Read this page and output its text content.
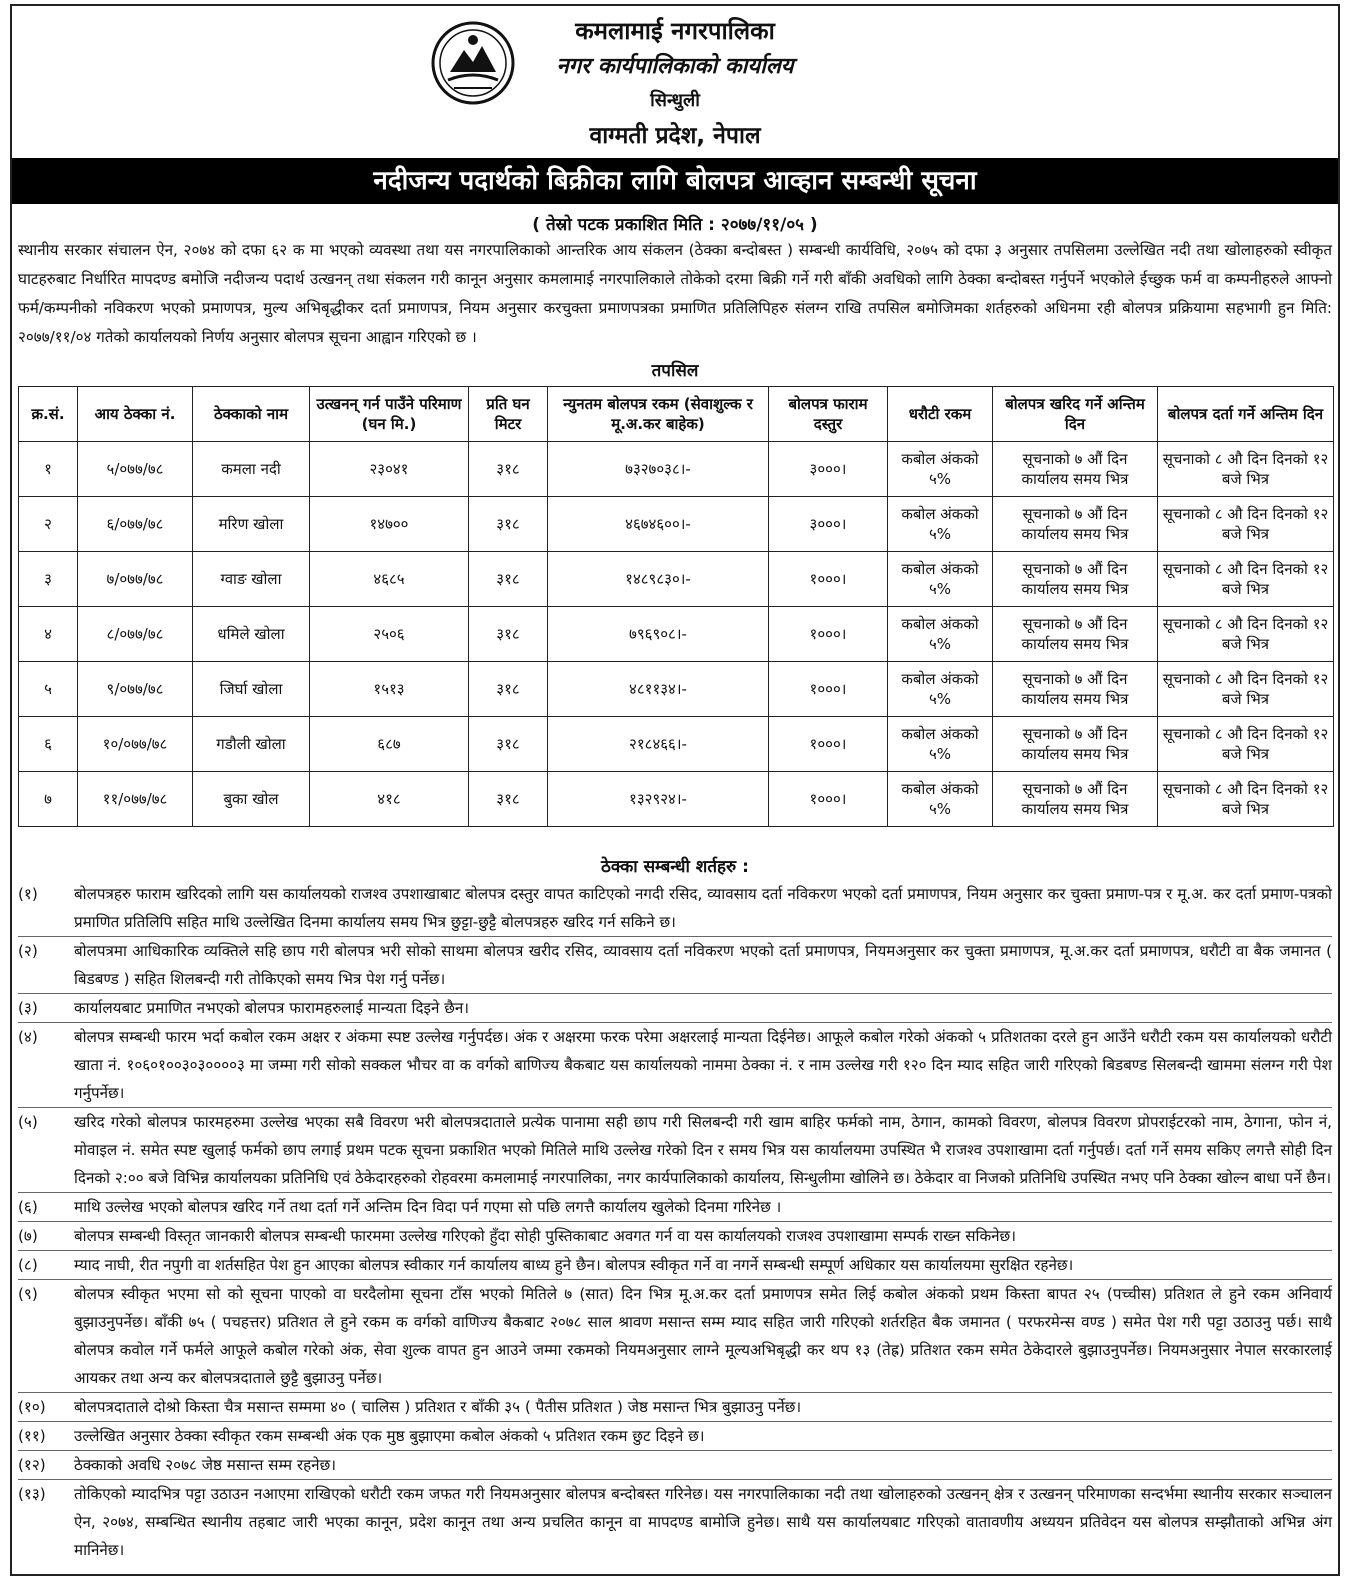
कमलामाई नगरपालिका
नगर कार्यपालिकाको कार्यालय
सिन्धुली
वाग्मती प्रदेश, नेपाल
नदीजन्य पदार्थको बिक्रीका लागि बोलपत्र आव्हान सम्बन्धी सूचना
( तेस्रो पटक प्रकाशित मिति : २०७७/११/०५ )
स्थानीय सरकार संचालन ऐन, २०७४ को दफा ६२ क मा भएको व्यवस्था तथा यस नगरपालिकाको आन्तरिक आय संकलन (ठेक्का बन्दोबस्त ) सम्बन्धी कार्यविधि, २०७५ को दफा ३ अनुसार तपसिलमा उल्लेखित नदी तथा खोलाहरुको स्वीकृत घाटहरुबाट निर्धारित मापदण्ड बमोजि नदीजन्य पदार्थ उत्खनन् तथा संकलन गरी कानून अनुसार कमलामाई नगरपालिकाले तोकेको दरमा बिक्री गर्ने गरी बाँकी अवधिको लागि ठेक्का बन्दोबस्त गर्नुपर्ने भएकोले ईच्छुक फर्म वा कम्पनीहरुले आफ्नो फर्म/कम्पनीको नविकरण भएको प्रमाणपत्र, मुल्य अभिबृद्धीकर दर्ता प्रमाणपत्र, नियम अनुसार करचुक्ता प्रमाणपत्रका प्रमाणित प्रतिलिपिहरु संलग्न राखि तपसिल बमोजिमका शर्तहरुको अधिनमा रही बोलपत्र प्रक्रियामा सहभागी हुन मिति: २०७७/११/०४ गतेको कार्यालयको निर्णय अनुसार बोलपत्र सूचना आह्वान गरिएको छ ।
तपसिल
क्र.सं.	आय ठेक्का नं.	ठेक्काको नाम	उत्खनन् गर्न पाउँने परिमाण (घन मि.)	प्रति घन मिटर	न्युनतम बोलपत्र रकम (सेवाशुल्क र मू.अ.कर बाहेक)	बोलपत्र फाराम दस्तुर	धरौटी रकम	बोलपत्र खरिद गर्ने अन्तिम दिन	बोलपत्र दर्ता गर्ने अन्तिम दिन
१	५/०७७/७८	कमला नदी	२३०४१	३१८	७३२७०३८।-	३०००।	कबोल अंकको ५%	सूचनाको ७ औं दिन कार्यालय समय भित्र	सूचनाको ८ औ दिन दिनको १२ बजे भित्र
२	६/०७७/७८	मरिण खोला	१४७००	३१८	४६७४६००।-	३०००।	कबोल अंकको ५%	सूचनाको ७ औं दिन कार्यालय समय भित्र	सूचनाको ८ औ दिन दिनको १२ बजे भित्र
३	७/०७७/७८	ग्वाङ खोला	४६८५	३१८	१४८९८३०।-	१०००।	कबोल अंकको ५%	सूचनाको ७ औं दिन कार्यालय समय भित्र	सूचनाको ८ औ दिन दिनको १२ बजे भित्र
४	८/०७७/७८	धमिले खोला	२५०६	३१८	७९६९०८।-	१०००।	कबोल अंकको ५%	सूचनाको ७ औं दिन कार्यालय समय भित्र	सूचनाको ८ औ दिन दिनको १२ बजे भित्र
५	९/०७७/७८	जिर्घा खोला	१५१३	३१८	४८११३४।-	१०००।	कबोल अंकको ५%	सूचनाको ७ औं दिन कार्यालय समय भित्र	सूचनाको ८ औ दिन दिनको १२ बजे भित्र
६	१०/०७७/७८	गडौली खोला	६८७	३१८	२१८४६६।-	१०००।	कबोल अंकको ५%	सूचनाको ७ औं दिन कार्यालय समय भित्र	सूचनाको ८ औ दिन दिनको १२ बजे भित्र
७	११/०७७/७८	बुका खोल	४१८	३१८	१३२९२४।-	१०००।	कबोल अंकको ५%	सूचनाको ७ औं दिन कार्यालय समय भित्र	सूचनाको ८ औ दिन दिनको १२ बजे भित्र
ठेक्का सम्बन्धी शर्तहरु :
(१)	बोलपत्रहरु फाराम खरिदको लागि यस कार्यालयको राजश्व उपशाखाबाट बोलपत्र दस्तुर वापत काटिएको नगदी रसिद, व्यावसाय दर्ता नविकरण भएको दर्ता प्रमाणपत्र, नियम अनुसार कर चुक्ता प्रमाण-पत्र र मू.अ. कर दर्ता प्रमाण-पत्रको प्रमाणित प्रतिलिपि सहित माथि उल्लेखित दिनमा कार्यालय समय भित्र छुट्टा-छुट्टै बोलपत्रहरु खरिद गर्न सकिने छ।
(२)	बोलपत्रमा आधिकारिक व्यक्तिले सहि छाप गरी बोलपत्र भरी सोको साथमा बोलपत्र खरीद रसिद, व्यावसाय दर्ता नविकरण भएको दर्ता प्रमाणपत्र, नियमअनुसार कर चुक्ता प्रमाणपत्र, मू.अ.कर दर्ता प्रमाणपत्र, धरौटी वा बैक जमानत ( बिडबण्ड ) सहित शिलबन्दी गरी तोकिएको समय भित्र पेश गर्नु पर्नेछ।
(३)	कार्यालयबाट प्रमाणित नभएको बोलपत्र फारामहरुलाई मान्यता दिइने छैन।
(४)	बोलपत्र सम्बन्धी फारम भर्दा कबोल रकम अक्षर र अंकमा स्पष्ट उल्लेख गर्नुपर्दछ। अंक र अक्षरमा फरक परेमा अक्षरलाई मान्यता दिईनेछ। आफूले कबोल गरेको अंकको ५ प्रतिशतका दरले हुन आउँने धरौटी रकम यस कार्यालयको धरौटी खाता नं. १०६०१००३०३००००३ मा जम्मा गरी सोको सक्कल भौचर वा क वर्गको बाणिज्य बैकबाट यस कार्यालयको नाममा ठेक्का नं. र नाम उल्लेख गरी १२० दिन म्याद सहित जारी गरिएको बिडबण्ड सिलबन्दी खाममा संलग्न गरी पेश गर्नुपर्नेछ।
(५)	खरिद गरेको बोलपत्र फारमहरुमा उल्लेख भएका सबै विवरण भरी बोलपत्रदाताले प्रत्येक पानामा सही छाप गरी सिलबन्दी गरी खाम बाहिर फर्मको नाम, ठेगान, कामको विवरण, बोलपत्र विवरण प्रोपराईटरको नाम, ठेगाना, फोन नं, मोवाइल नं. समेत स्पष्ट खुलाई फर्मको छाप लगाई प्रथम पटक सूचना प्रकाशित भएको मितिले माथि उल्लेख गरेको दिन र समय भित्र यस कार्यालयमा उपस्थित भै राजश्व उपशाखामा दर्ता गर्नुपर्छ। दर्ता गर्ने समय सकिए लगत्तै सोही दिन दिनको २:०० बजे विभिन्न कार्यालयका प्रतिनिधि एवं ठेकेदारहरुको रोहवरमा कमलामाई नगरपालिका, नगर कार्यपालिकाको कार्यालय, सिन्धुलीमा खोलिने छ। ठेकेदार वा निजको प्रतिनिधि उपस्थित नभए पनि ठेक्का खोल्न बाधा पर्ने छैन।
(६)	माथि उल्लेख भएको बोलपत्र खरिद गर्ने तथा दर्ता गर्ने अन्तिम दिन विदा पर्न गएमा सो पछि लगत्तै कार्यालय खुलेको दिनमा गरिनेछ ।
(७)	बोलपत्र सम्बन्धी विस्तृत जानकारी बोलपत्र सम्बन्धी फारममा उल्लेख गरिएको हुँदा सोही पुस्तिकाबाट अवगत गर्न वा यस कार्यालयको राजश्व उपशाखामा सम्पर्क राख्न सकिनेछ।
(८)	म्याद नाघी, रीत नपुगी वा शर्तसहित पेश हुन आएका बोलपत्र स्वीकार गर्न कार्यालय बाध्य हुने छैन। बोलपत्र स्वीकृत गर्ने वा नगर्ने सम्बन्धी सम्पूर्ण अधिकार यस कार्यालयमा सुरक्षित रहनेछ।
(९)	बोलपत्र स्वीकृत भएमा सो को सूचना पाएको वा घरदैलोमा सूचना टाँस भएको मितिले ७ (सात) दिन भित्र मू.अ.कर दर्ता प्रमाणपत्र समेत लिई कबोल अंकको प्रथम किस्ता बापत २५ (पच्चीस) प्रतिशत ले हुने रकम अनिवार्य बुझाउनुपर्नेछ। बाँकी ७५ ( पचहत्तर) प्रतिशत ले हुने रकम क वर्गको वाणिज्य बैकबाट २०७८ साल श्रावण मसान्त सम्म म्याद सहित जारी गरिएको शर्तरहित बैक जमानत ( परफरमेन्स वण्ड ) समेत पेश गरी पट्टा उठाउनु पर्छ। साथै बोलपत्र कवोल गर्ने फर्मले आफूले कबोल गरेको अंक, सेवा शुल्क वापत हुन आउने जम्मा रकमको नियमअनुसार लाग्ने मूल्यअभिबृद्धी कर थप १३ (तेह्र) प्रतिशत रकम समेत ठेकेदारले बुझाउनुपर्नेछ। नियमअनुसार नेपाल सरकारलाई आयकर तथा अन्य कर बोलपत्रदाताले छुट्टै बुझाउनु पर्नेछ।
(१०)	बोलपत्रदाताले दोश्रो किस्ता चैत्र मसान्त सम्ममा ४० ( चालिस ) प्रतिशत र बाँकी ३५ ( पैतीस प्रतिशत ) जेष्ठ मसान्त भित्र बुझाउनु पर्नेछ।
(११)	उल्लेखित अनुसार ठेक्का स्वीकृत रकम सम्बन्धी अंक एक मुष्ठ बुझाएमा कबोल अंकको ५ प्रतिशत रकम छुट दिइने छ।
(१२)	ठेक्काको अवधि २०७८ जेष्ठ मसान्त सम्म रहनेछ।
(१३)	तोकिएको म्यादभित्र पट्टा उठाउन नआएमा राखिएको धरौटी रकम जफत गरी नियमअनुसार बोलपत्र बन्दोबस्त गरिनेछ। यस नगरपालिकाका नदी तथा खोलाहरुको उत्खनन् क्षेत्र र उत्खनन् परिमाणका सन्दर्भमा स्थानीय सरकार सञ्चालन ऐन, २०७४, सम्बन्धित स्थानीय तहबाट जारी भएका कानून, प्रदेश कानून तथा अन्य प्रचलित कानून वा मापदण्ड बामोजि हुनेछ। साथै यस कार्यालयबाट गरिएको वातावणीय अध्ययन प्रतिवेदन यस बोलपत्र सम्झौताको अभिन्न अंग मानिनेछ।
